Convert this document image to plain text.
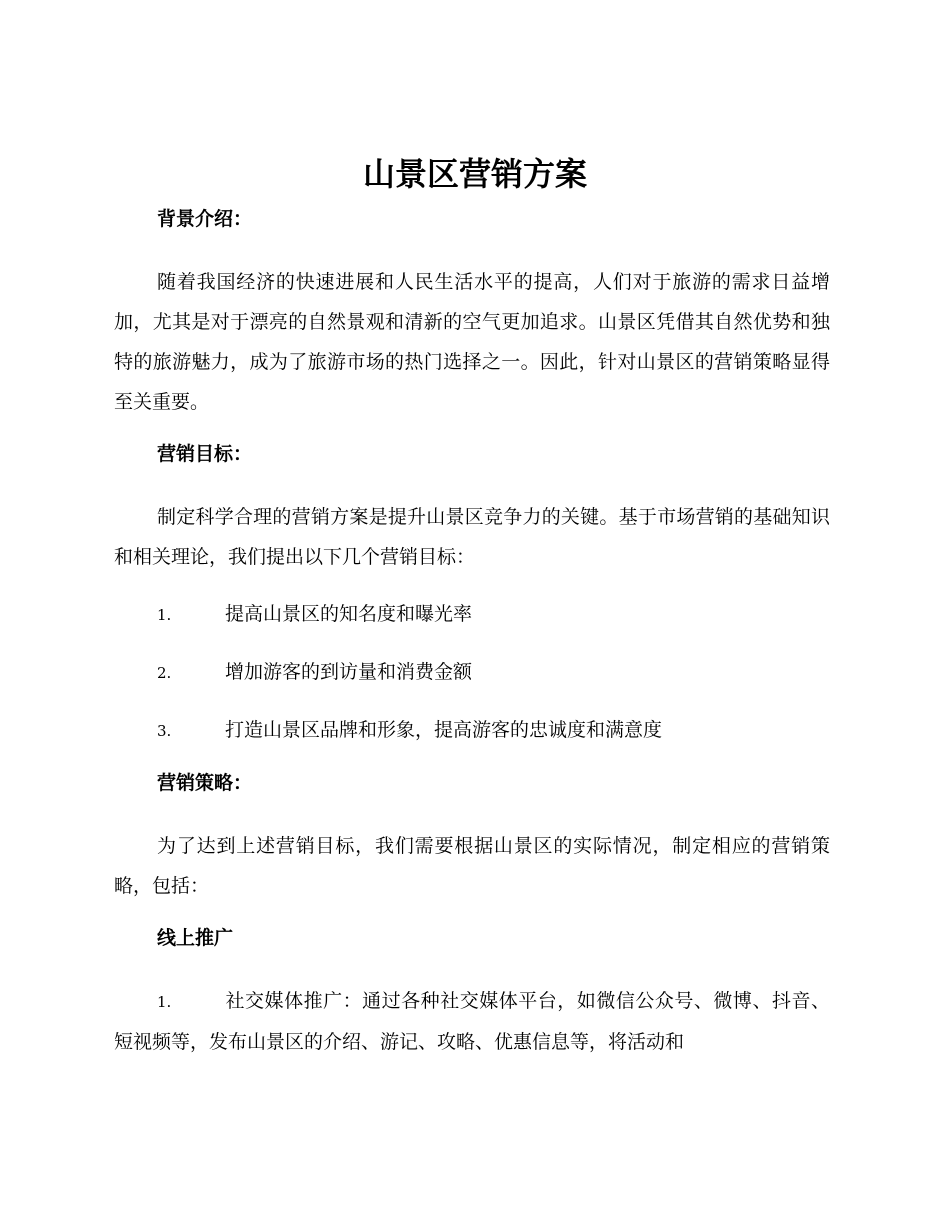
山景区营销方案
背景介绍：

随着我国经济的快速进展和人民生活水平的提高，人们对于旅游的需求日益增加，尤其是对于漂亮的自然景观和清新的空气更加追求。山景区凭借其自然优势和独特的旅游魅力，成为了旅游市场的热门选择之一。因此，针对山景区的营销策略显得至关重要。

营销目标：

制定科学合理的营销方案是提升山景区竞争力的关键。基于市场营销的基础知识和相关理论，我们提出以下几个营销目标：

1.	提高山景区的知名度和曝光率
2.	增加游客的到访量和消费金额
3.	打造山景区品牌和形象，提高游客的忠诚度和满意度
营销策略：

为了达到上述营销目标，我们需要根据山景区的实际情况，制定相应的营销策略，包括：

线上推广
1.	社交媒体推广：通过各种社交媒体平台，如微信公众号、微博、抖音、短视频等，发布山景区的介绍、游记、攻略、优惠信息等，将活动和
